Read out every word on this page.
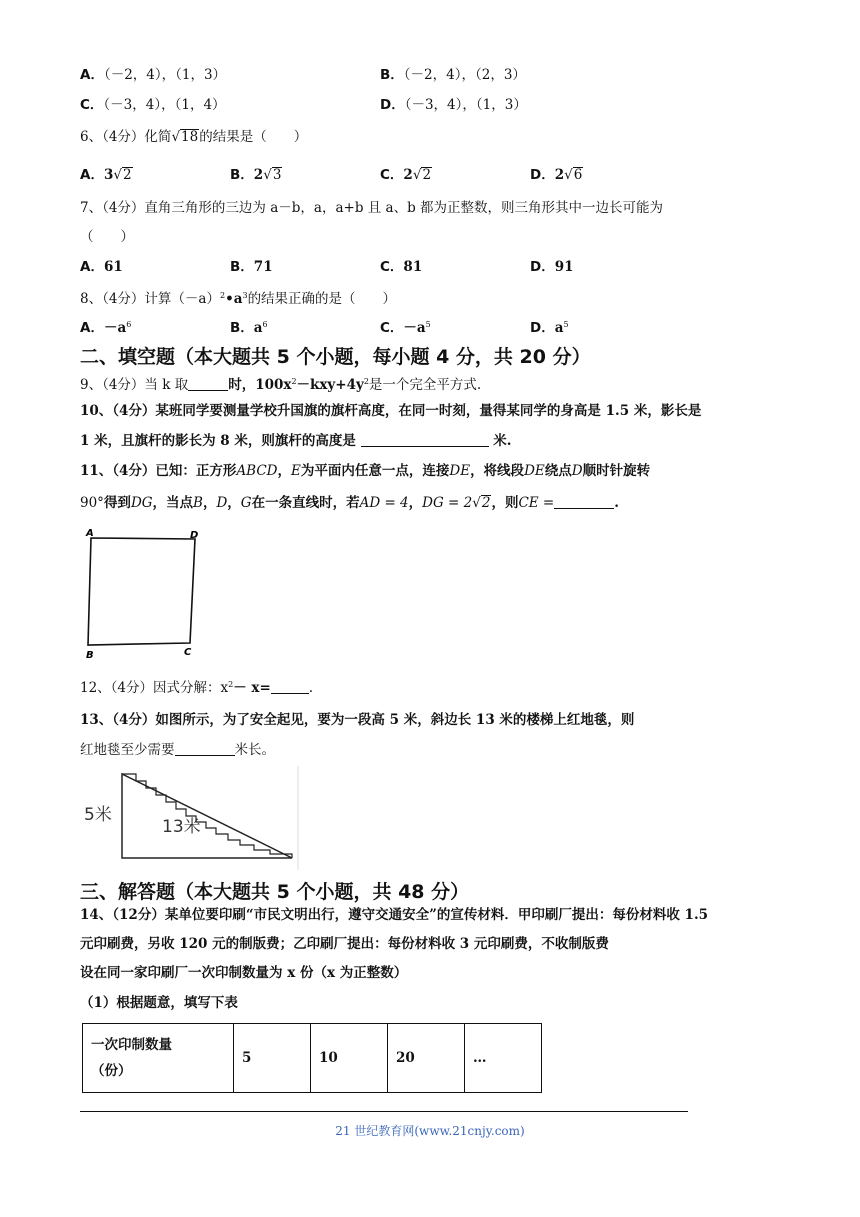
A．（－2，4），（1，3）	B．（－2，4），（2，3）
C．（－3，4），（1，4）	D．（－3，4），（1，3）
6、（4分）化简√18的结果是（　　）
A．3√2	B．2√3	C．2√2	D．2√6
7、（4分）直角三角形的三边为 a－b，a，a+b 且 a、b 都为正整数，则三角形其中一边长可能为
（　　）
A．61	B．71	C．81	D．91
8、（4分）计算$(-a)^2•a^3$的结果正确的是（　　）
A．$-a^6$	B．$a^6$	C．$-a^5$	D．$a^5$
二、填空题（本大题共 5 个小题，每小题 4 分，共 20 分）
9、（4分）当 k 取	时，$100x^2-kxy+4y^2$是一个完全平方式.
10、（4分）某班同学要测量学校升国旗的旗杆高度，在同一时刻，量得某同学的身高是 1.5 米，影长是
1 米，且旗杆的影长为 8 米，则旗杆的高度是	米.
11、（4分）已知：正方形ABCD，E为平面内任意一点，连接DE，将线段DE绕点D顺时针旋转
90°得到DG，当点B，D，G在一条直线时，若AD = 4，DG = 2√2，则CE =	.
A	D
B	C
12、（4分）因式分解：$x^2- x=$	.
13、（4分）如图所示，为了安全起见，要为一段高 5 米，斜边长 13 米的楼梯上红地毯，则
红地毯至少需要	米长。
5米
13米
三、解答题（本大题共 5 个小题，共 48 分）
14、（12分）某单位要印刷“市民文明出行，遵守交通安全”的宣传材料．甲印刷厂提出：每份材料收 1.5
元印刷费，另收 120 元的制版费；乙印刷厂提出：每份材料收 3 元印刷费，不收制版费
设在同一家印刷厂一次印制数量为 x 份（x 为正整数）
（1）根据题意，填写下表
一次印制数量
（份）
	5	10	20	…
21 世纪教育网(www.21cnjy.com)
